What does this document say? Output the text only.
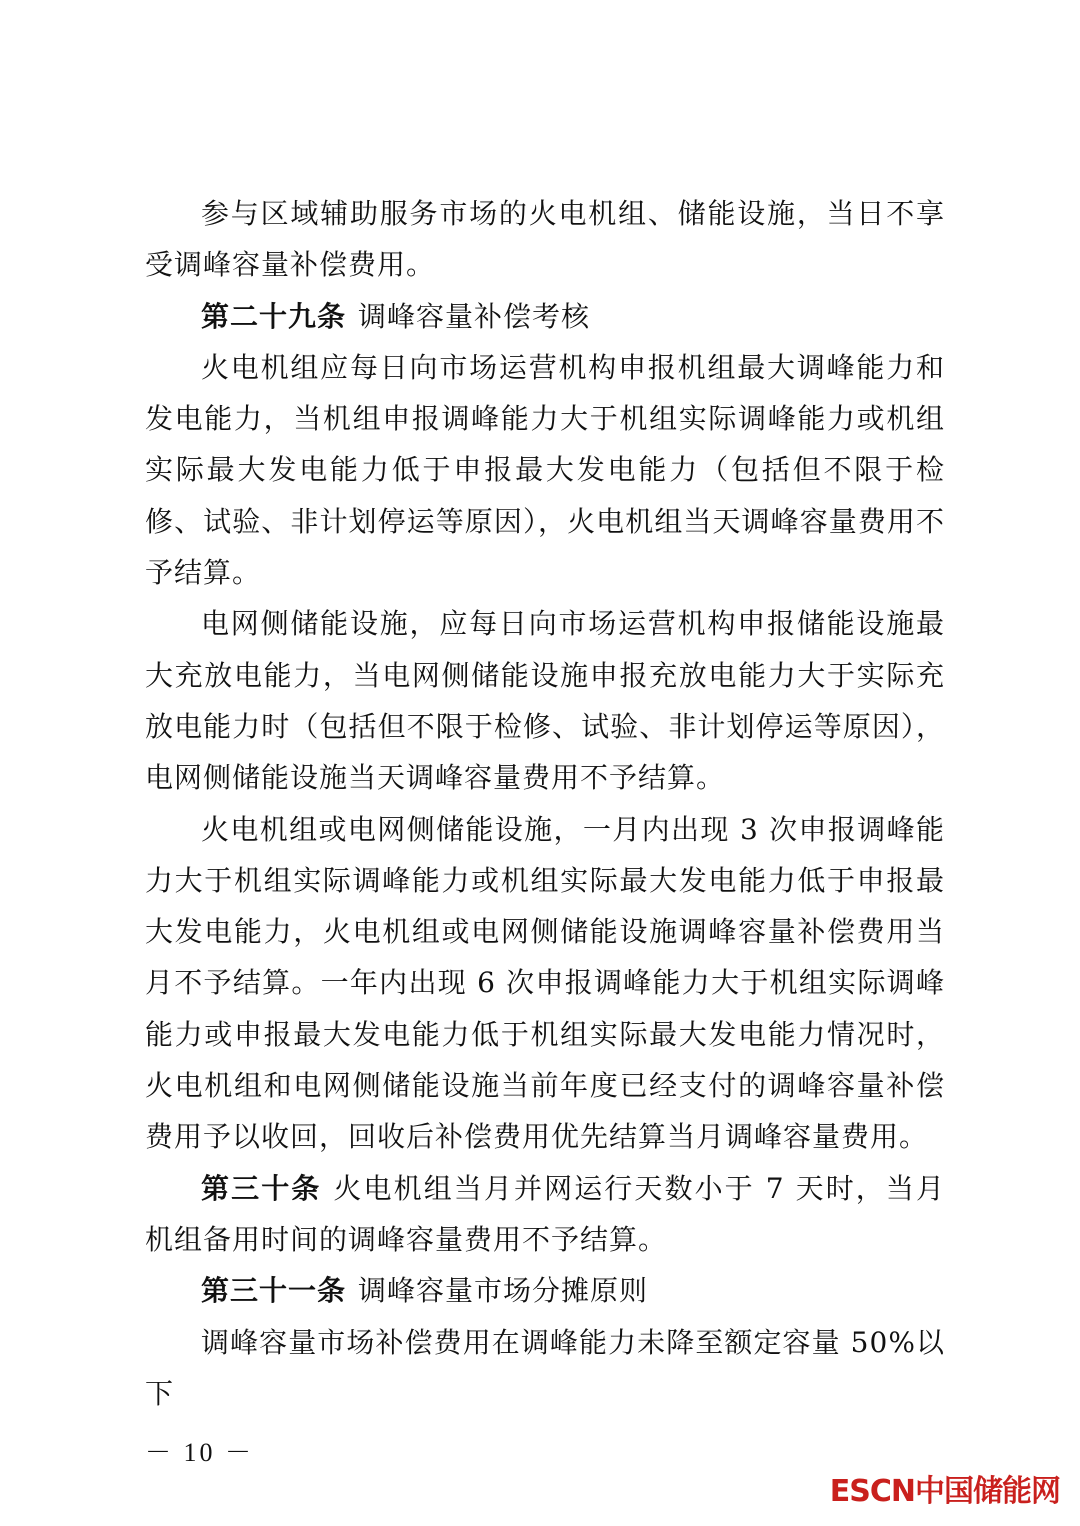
参与区域辅助服务市场的火电机组、储能设施，当日不享受调峰容量补偿费用。

第二十九条 调峰容量补偿考核

火电机组应每日向市场运营机构申报机组最大调峰能力和发电能力，当机组申报调峰能力大于机组实际调峰能力或机组实际最大发电能力低于申报最大发电能力（包括但不限于检修、试验、非计划停运等原因），火电机组当天调峰容量费用不予结算。

电网侧储能设施，应每日向市场运营机构申报储能设施最大充放电能力，当电网侧储能设施申报充放电能力大于实际充放电能力时（包括但不限于检修、试验、非计划停运等原因），电网侧储能设施当天调峰容量费用不予结算。

火电机组或电网侧储能设施，一月内出现 3 次申报调峰能力大于机组实际调峰能力或机组实际最大发电能力低于申报最大发电能力，火电机组或电网侧储能设施调峰容量补偿费用当月不予结算。一年内出现 6 次申报调峰能力大于机组实际调峰能力或申报最大发电能力低于机组实际最大发电能力情况时，火电机组和电网侧储能设施当前年度已经支付的调峰容量补偿费用予以收回，回收后补偿费用优先结算当月调峰容量费用。

第三十条 火电机组当月并网运行天数小于 7 天时，当月机组备用时间的调峰容量费用不予结算。

第三十一条 调峰容量市场分摊原则

调峰容量市场补偿费用在调峰能力未降至额定容量 50%以下

－ 10 －
ESCN中国储能网
